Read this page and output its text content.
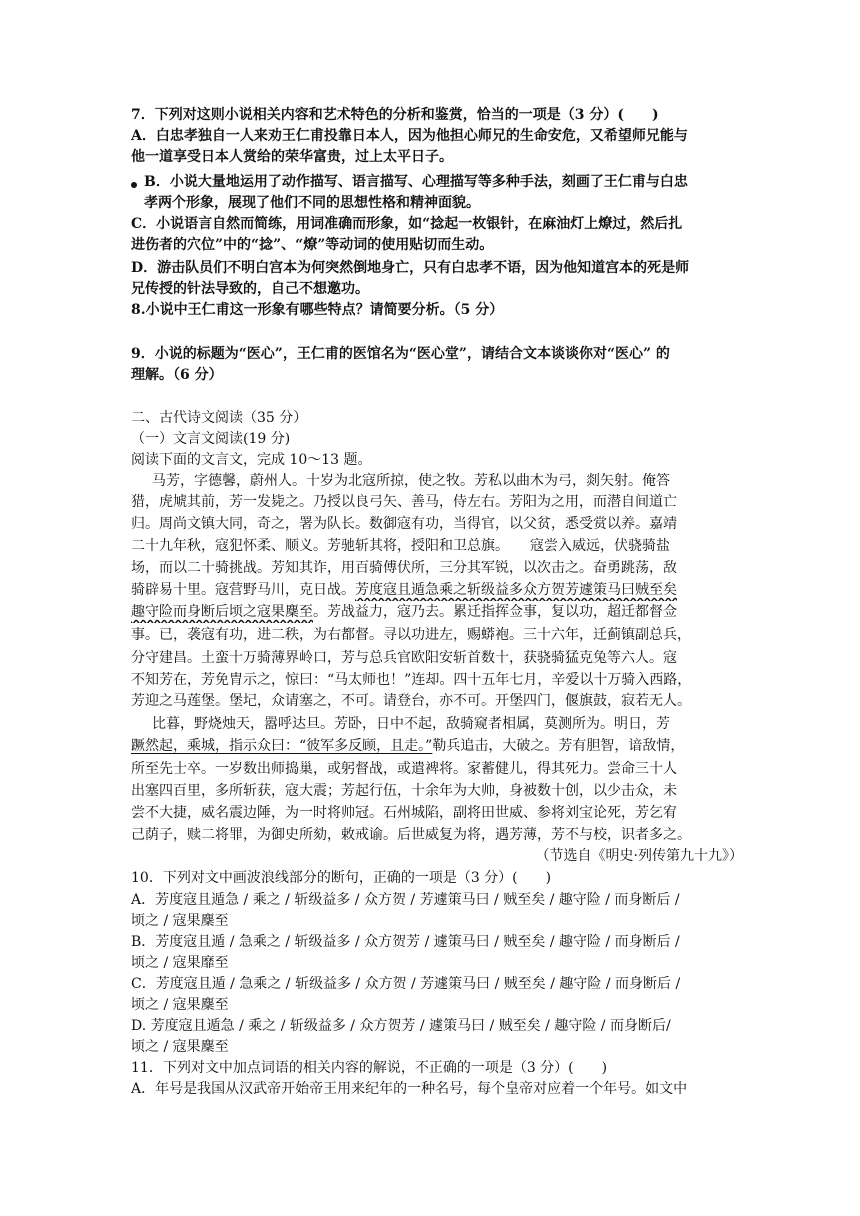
7．下列对这则小说相关内容和艺术特色的分析和鉴赏，恰当的一项是（3 分）(　　)

A．白忠孝独自一人来劝王仁甫投靠日本人，因为他担心师兄的生命安危，又希望师兄能与

他一道享受日本人赏给的荣华富贵，过上太平日子。

B．小说大量地运用了动作描写、语言描写、心理描写等多种手法，刻画了王仁甫与白忠

孝两个形象，展现了他们不同的思想性格和精神面貌。

C．小说语言自然而简练，用词准确而形象，如“捻起一枚银针，在麻油灯上燎过，然后扎

进伤者的穴位”中的“捻”、“燎”等动词的使用贴切而生动。

D．游击队员们不明白宫本为何突然倒地身亡，只有白忠孝不语，因为他知道宫本的死是师

兄传授的针法导致的，自己不想邀功。

8.小说中王仁甫这一形象有哪些特点？请简要分析。（5 分）

9．小说的标题为“医心”，王仁甫的医馆名为“医心堂”，请结合文本谈谈你对“医心” 的

理解。（6 分）

二、古代诗文阅读（35 分）

（一）文言文阅读(19 分)

阅读下面的文言文，完成 10～13 题。

马芳，字德馨，蔚州人。十岁为北寇所掠，使之牧。芳私以曲木为弓，剡矢射。俺答

猎，虎虓其前，芳一发毙之。乃授以良弓矢、善马，侍左右。芳阳为之用，而潜自间道亡

归。周尚文镇大同，奇之，署为队长。数御寇有功，当得官，以父贫，悉受赏以养。嘉靖

二十九年秋，寇犯怀柔、顺义。芳驰斩其将，授阳和卫总旗。　　寇尝入威远，伏骁骑盐

场，而以二十骑挑战。芳知其诈，用百骑傅伏所，三分其军锐，以次击之。奋勇跳荡，敌

骑辟易十里。寇营野马川，克日战。芳度寇且遁急乘之斩级益多众方贺芳遽策马曰贼至矣

趣守险而身断后顷之寇果麇至。芳战益力，寇乃去。累迁指挥佥事，复以功，超迁都督佥

事。已，袭寇有功，进二秩，为右都督。寻以功进左，赐蟒袍。三十六年，迁蓟镇副总兵，

分守建昌。土蛮十万骑薄界岭口，芳与总兵官欧阳安斩首数十，获骁骑猛克兔等六人。寇

不知芳在，芳免胄示之，惊曰：“马太师也！”连却。四十五年七月，辛爱以十万骑入西路，

芳迎之马莲堡。堡圮，众请塞之，不可。请登台，亦不可。开堡四门，偃旗鼓，寂若无人。

比暮，野烧烛天，嚣呼达旦。芳卧，日中不起，敌骑窥者相属，莫测所为。明日，芳

蹶然起，乘城，指示众曰：“彼军多反顾，且走。”勒兵追击，大破之。芳有胆智，谙敌情，

所至先士卒。一岁数出师捣巢，或躬督战，或遣裨将。家蓄健儿，得其死力。尝命三十人

出塞四百里，多所斩获，寇大震；芳起行伍，十余年为大帅，身被数十创，以少击众，未

尝不大捷，威名震边陲，为一时将帅冠。石州城陷，副将田世威、参将刘宝论死，芳乞宥

己荫子，赎二将罪，为御史所劾，敕戒谕。后世威复为将，遇芳薄，芳不与校，识者多之。

（节选自《明史·列传第九十九》）

10．下列对文中画波浪线部分的断句，正确的一项是（3 分）(　　)

A．芳度寇且遁急 / 乘之 / 斩级益多 / 众方贺 / 芳遽策马曰 / 贼至矣 / 趣守险 / 而身断后 /

顷之 / 寇果麇至

B．芳度寇且遁 / 急乘之 / 斩级益多 / 众方贺芳 / 遽策马曰 / 贼至矣 / 趣守险 / 而身断后 /

顷之 / 寇果靡至

C．芳度寇且遁 / 急乘之 / 斩级益多 / 众方贺 / 芳遽策马曰 / 贼至矣 / 趣守险 / 而身断后 /

顷之 / 寇果麇至

D. 芳度寇且遁急 / 乘之 / 斩级益多 / 众方贺芳 / 遽策马曰 / 贼至矣 / 趣守险 / 而身断后/

顷之 / 寇果麇至

11．下列对文中加点词语的相关内容的解说，不正确的一项是（3 分）(　　)

A．年号是我国从汉武帝开始帝王用来纪年的一种名号，每个皇帝对应着一个年号。如文中
